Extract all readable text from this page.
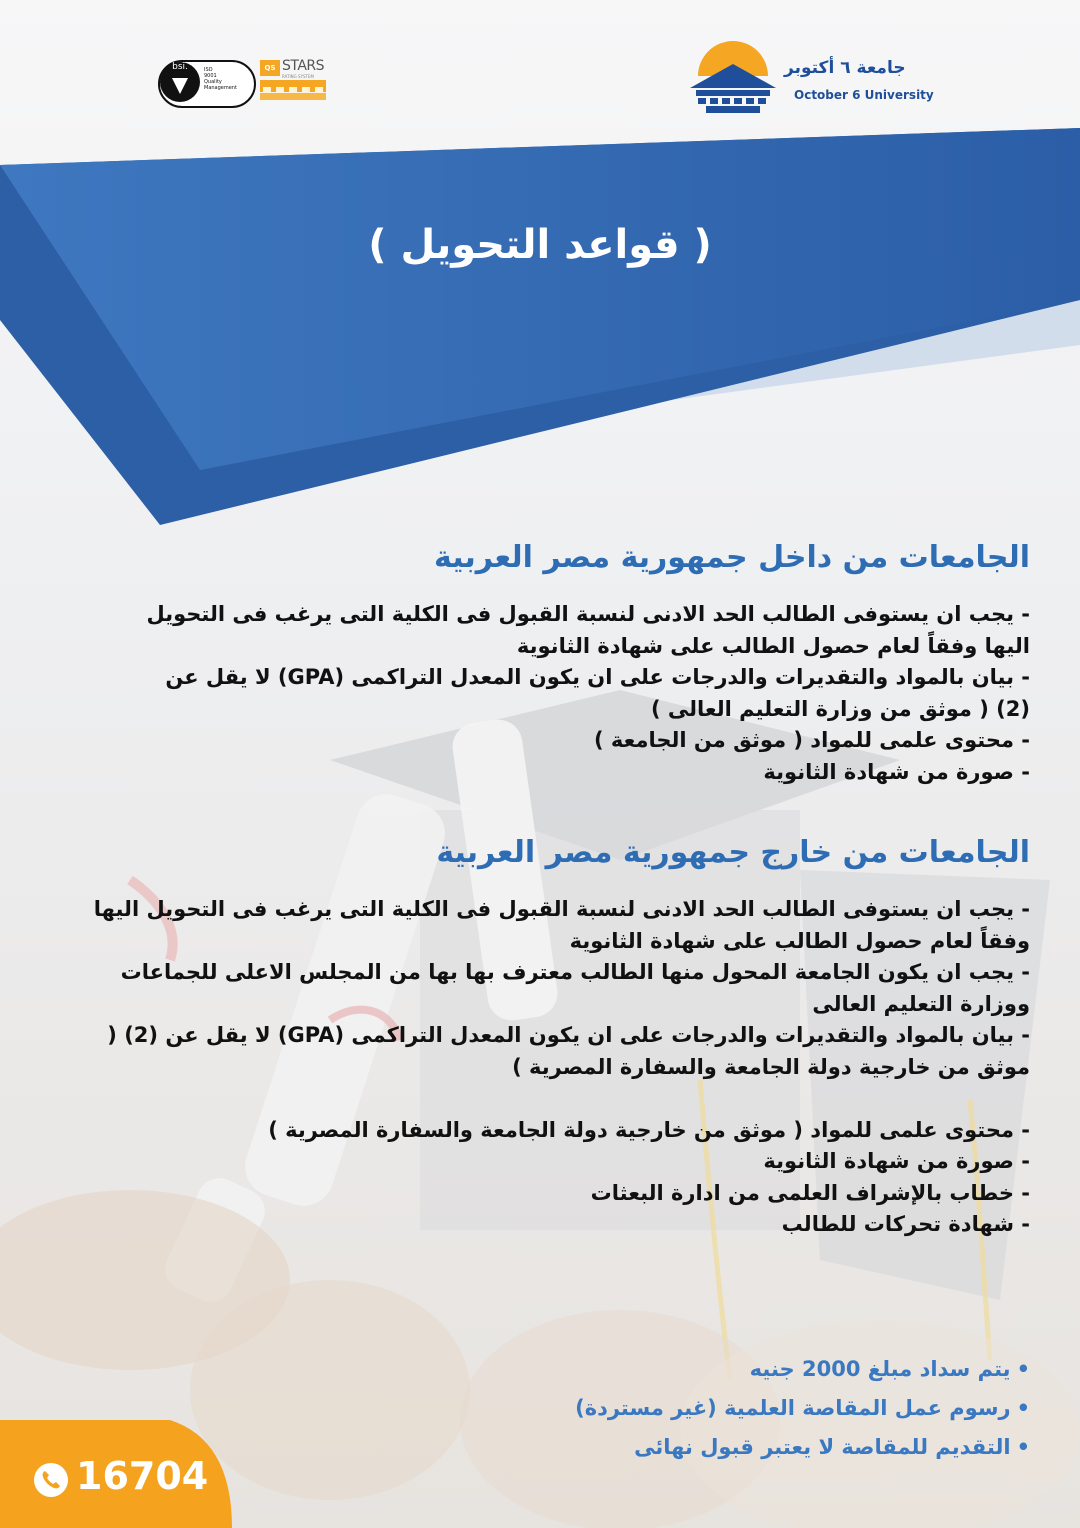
جامعة ٦ أكتوبر
October 6 University
bsi.	ISO
9001
Quality
Management
QS STARS
RATING SYSTEM
( قواعد التحويل )

الجامعات من داخل جمهورية مصر العربية

- يجب ان يستوفى الطالب الحد الادنى لنسبة القبول فى الكلية التى يرغب فى التحويل اليها وفقاً لعام حصول الطالب على شهادة الثانوية

- بيان بالمواد والتقديرات والدرجات على ان يكون المعدل التراكمى (GPA) لا يقل عن (2) ( موثق من وزارة التعليم العالى )

- محتوى علمى للمواد ( موثق من الجامعة )

- صورة من شهادة الثانوية

الجامعات من خارج جمهورية مصر العربية

- يجب ان يستوفى الطالب الحد الادنى لنسبة القبول فى الكلية التى يرغب فى التحويل اليها وفقاً لعام حصول الطالب على شهادة الثانوية

- يجب ان يكون الجامعة المحول منها الطالب معترف بها بها من المجلس الاعلى للجماعات ووزارة التعليم العالى

- بيان بالمواد والتقديرات والدرجات على ان يكون المعدل التراكمى (GPA) لا يقل عن (2) ( موثق من خارجية دولة الجامعة والسفارة المصرية )

- محتوى علمى للمواد ( موثق من خارجية دولة الجامعة والسفارة المصرية )

- صورة من شهادة الثانوية

- خطاب بالإشراف العلمى من ادارة البعثات

- شهادة تحركات للطالب

•يتم سداد مبلغ 2000 جنيه

•رسوم عمل المقاصة العلمية (غير مستردة)

•التقديم للمقاصة لا يعتبر قبول نهائى

16704
